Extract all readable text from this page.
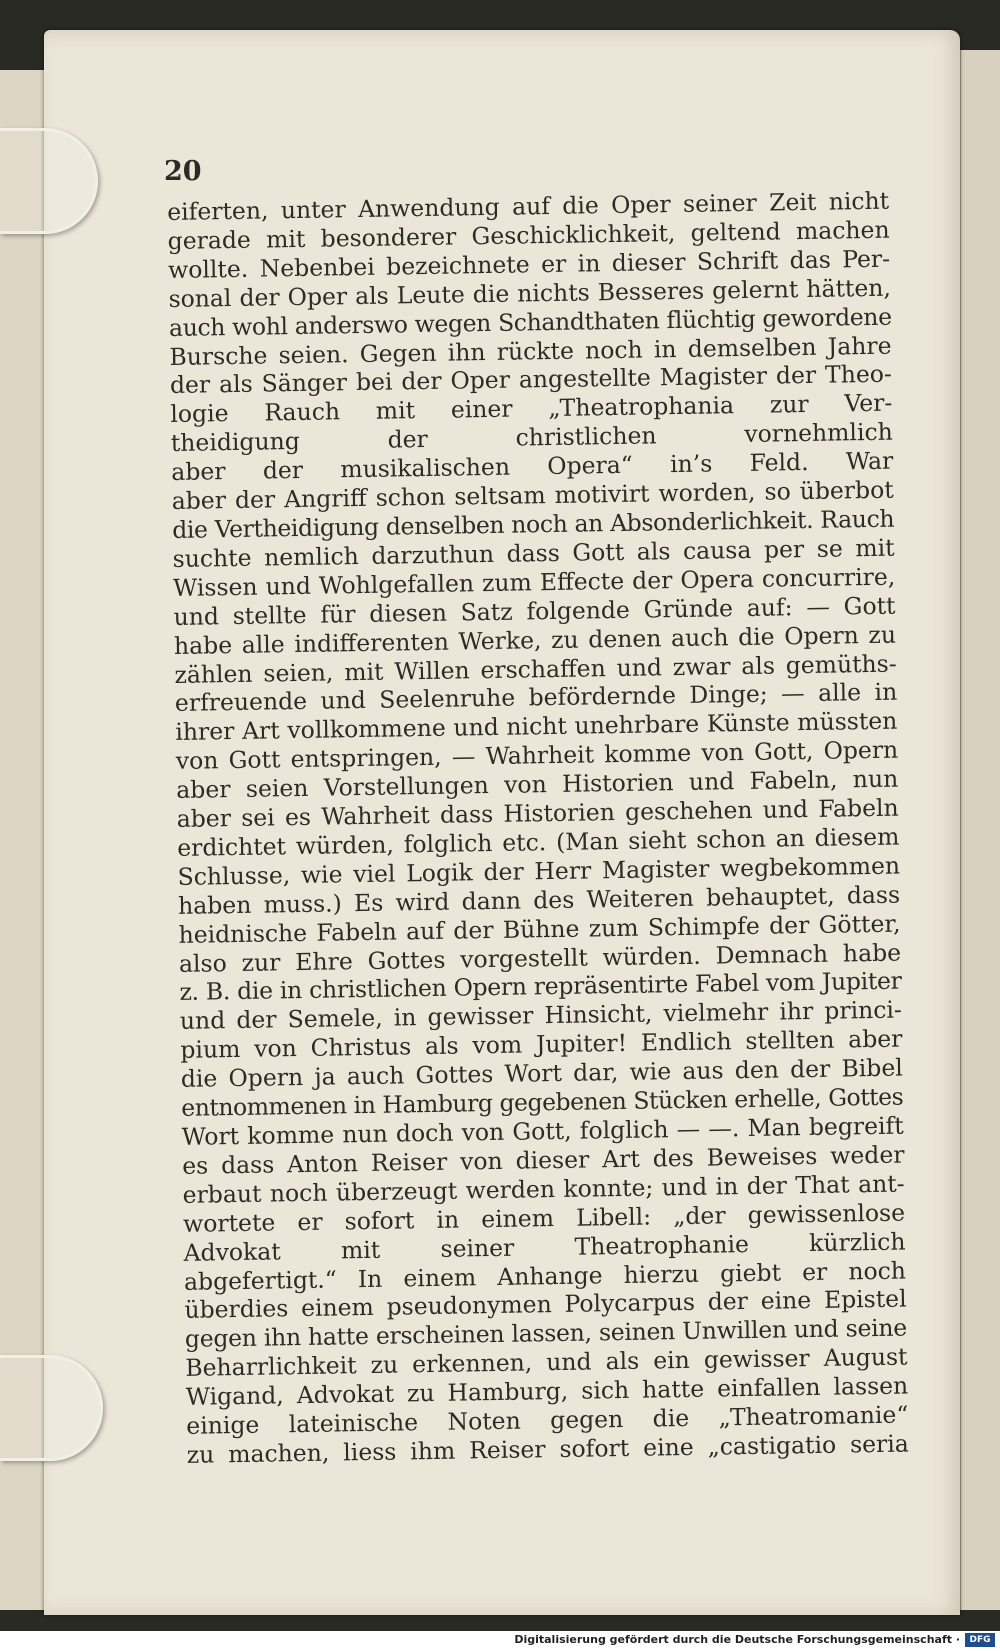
20
eiferten, unter Anwendung auf die Oper seiner Zeit nicht
gerade mit besonderer Geschicklichkeit, geltend machen
wollte. Nebenbei bezeichnete er in dieser Schrift das Per-
sonal der Oper als Leute die nichts Besseres gelernt hätten,
auch wohl anderswo wegen Schandthaten flüchtig gewordene
Bursche seien. Gegen ihn rückte noch in demselben Jahre
der als Sänger bei der Oper angestellte Magister der Theo-
logie Rauch mit einer „Theatrophania zur Ver-
theidigung der christlichen vornehmlich
aber der musikalischen Opera“ in’s Feld. War
aber der Angriff schon seltsam motivirt worden, so überbot
die Vertheidigung denselben noch an Absonderlichkeit. Rauch
suchte nemlich darzuthun dass Gott als causa per se mit
Wissen und Wohlgefallen zum Effecte der Opera concurrire,
und stellte für diesen Satz folgende Gründe auf: — Gott
habe alle indifferenten Werke, zu denen auch die Opern zu
zählen seien, mit Willen erschaffen und zwar als gemüths-
erfreuende und Seelenruhe befördernde Dinge; — alle in
ihrer Art vollkommene und nicht unehrbare Künste müssten
von Gott entspringen, — Wahrheit komme von Gott, Opern
aber seien Vorstellungen von Historien und Fabeln, nun
aber sei es Wahrheit dass Historien geschehen und Fabeln
erdichtet würden, folglich etc. (Man sieht schon an diesem
Schlusse, wie viel Logik der Herr Magister wegbekommen
haben muss.) Es wird dann des Weiteren behauptet, dass
heidnische Fabeln auf der Bühne zum Schimpfe der Götter,
also zur Ehre Gottes vorgestellt würden. Demnach habe
z. B. die in christlichen Opern repräsentirte Fabel vom Jupiter
und der Semele, in gewisser Hinsicht, vielmehr ihr princi-
pium von Christus als vom Jupiter! Endlich stellten aber
die Opern ja auch Gottes Wort dar, wie aus den der Bibel
entnommenen in Hamburg gegebenen Stücken erhelle, Gottes
Wort komme nun doch von Gott, folglich — —. Man begreift
es dass Anton Reiser von dieser Art des Beweises weder
erbaut noch überzeugt werden konnte; und in der That ant-
wortete er sofort in einem Libell: „der gewissenlose
Advokat mit seiner Theatrophanie kürzlich
abgefertigt.“ In einem Anhange hierzu giebt er noch
überdies einem pseudonymen Polycarpus der eine Epistel
gegen ihn hatte erscheinen lassen, seinen Unwillen und seine
Beharrlichkeit zu erkennen, und als ein gewisser August
Wigand, Advokat zu Hamburg, sich hatte einfallen lassen
einige lateinische Noten gegen die „Theatromanie“
zu machen, liess ihm Reiser sofort eine „castigatio seria
Digitalisierung gefördert durch die Deutsche Forschungsgemeinschaft ·	DFG
